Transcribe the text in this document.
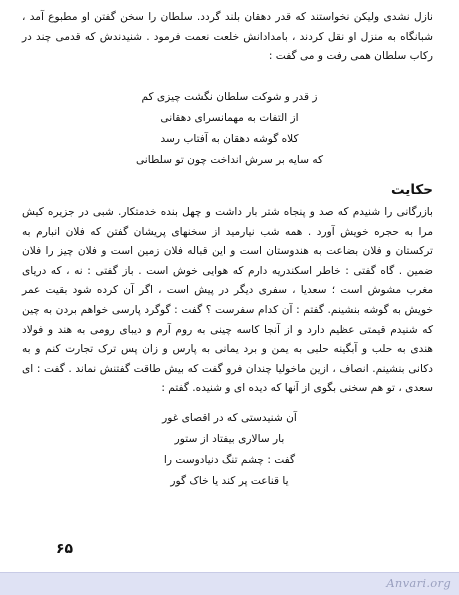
نازل نشدی ولیکن نخواستند که قدر دهقان بلند گردد. سلطان را سخن گفتن او مطبوع آمد ، شبانگاه به منزل او نقل کردند ، بامدادانش خلعت نعمت فرمود . شنیدندش که قدمی چند در رکاب سلطان همی رفت و می گفت :

ز قدر و شوکت سلطان نگشت چیزی کم

از التفات به مهمانسرای دهقانی

کلاه گوشه دهقان به آفتاب رسد

که سایه بر سرش انداخت چون تو سلطانی

حکایت

بازرگانی را شنیدم که صد و پنجاه شتر بار داشت و چهل بنده خدمتکار. شبی در جزیره کیش مرا به حجره خویش آورد . همه شب نیارمید از سخنهای پریشان گفتن که فلان انبارم به ترکستان و فلان بضاعت به هندوستان است و این قباله فلان زمین است و فلان چیز را فلان ضمین . گاه گفتی : خاطر اسکندریه دارم که هوایی خوش است . باز گفتی : نه ، که دریای مغرب مشوش است ؛ سعدیا ، سفری دیگر در پیش است ، اگر آن کرده شود بقیت عمر خویش به گوشه بنشینم. گفتم : آن کدام سفرست ؟ گفت : گوگرد پارسی خواهم بردن به چین که شنیدم قیمتی عظیم دارد و از آنجا کاسه چینی به روم آرم و دیبای رومی به هند و فولاد هندی به حلب و آبگینه حلبی به یمن و برد یمانی به پارس و زان پس ترک تجارت کنم و به دکانی بنشینم. انصاف ، ازین ماخولیا چندان فرو گفت که بیش طاقت گفتنش نماند . گفت : ای سعدی ، تو هم سخنی بگوی از آنها که دیده ای و شنیده. گفتم :

آن شنیدستی که در اقصای غور

بار سالاری بیفتاد از ستور

گفت : چشم تنگ دنیادوست را

یا قناعت پر کند یا خاک گور

۶۵
Anvari.org
